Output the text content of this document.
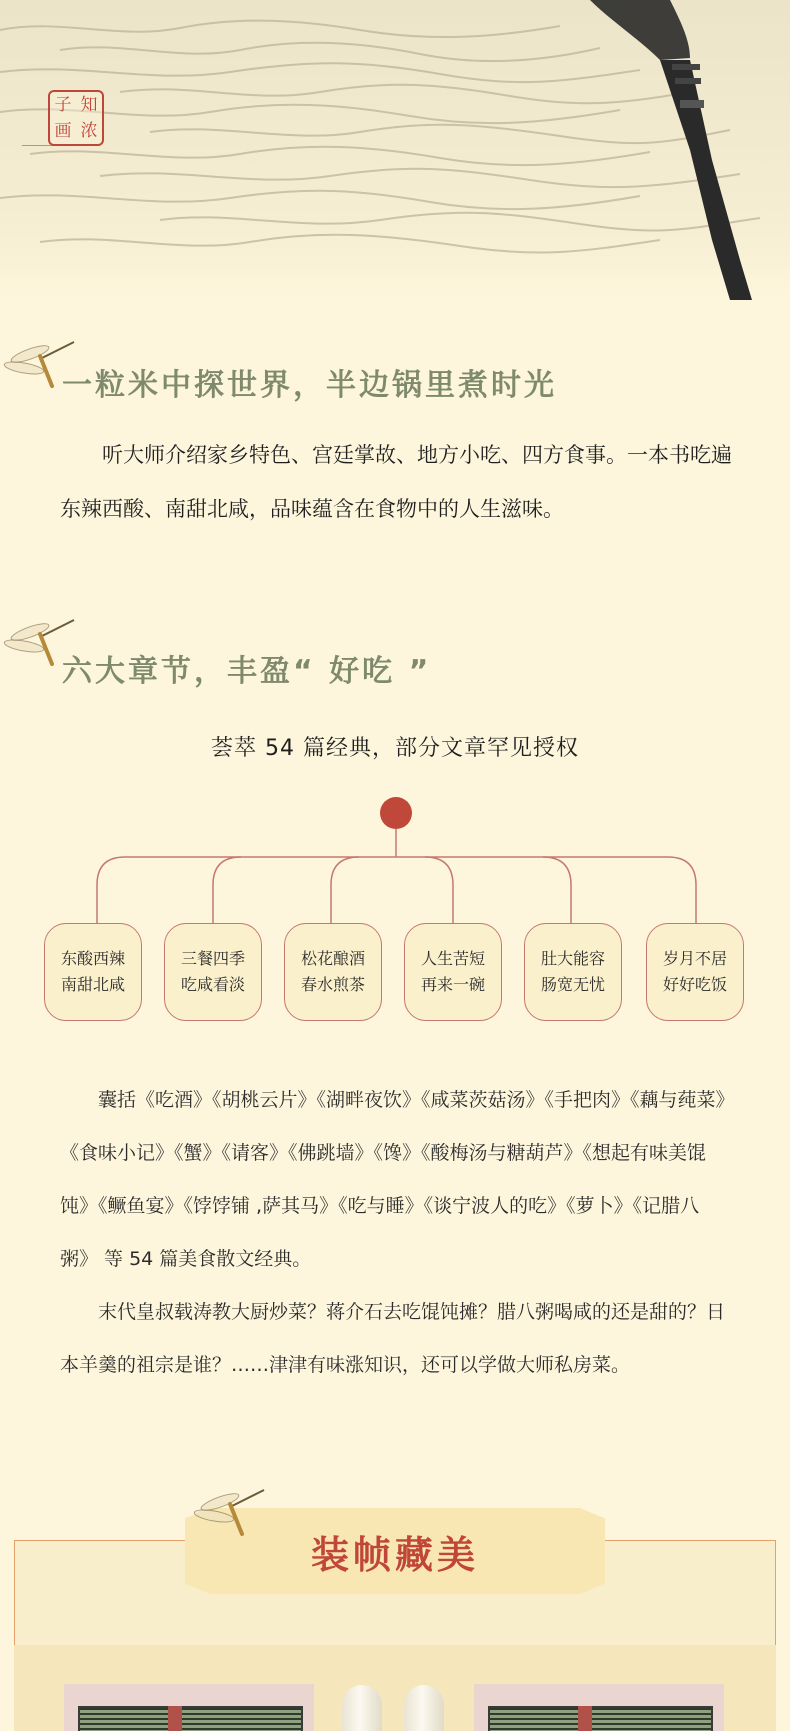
子 知
画 浓
一粒米中探世界，半边锅里煮时光

听大师介绍家乡特色、宫廷掌故、地方小吃、四方食事。一本书吃遍东辣西酸、南甜北咸，品味蕴含在食物中的人生滋味。

六大章节，丰盈“ 好吃 ”

荟萃 54 篇经典，部分文章罕见授权

东酸西辣
南甜北咸
三餐四季
吃咸看淡
松花酿酒
春水煎茶
人生苦短
再来一碗
肚大能容
肠宽无忧
岁月不居
好好吃饭

囊括《吃酒》《胡桃云片》《湖畔夜饮》《咸菜茨菇汤》《手把肉》《藕与莼菜》《食味小记》《蟹》《请客》《佛跳墙》《馋》《酸梅汤与糖葫芦》《想起有味美馄饨》《鳜鱼宴》《饽饽铺 ,萨其马》《吃与睡》《谈宁波人的吃》《萝卜》《记腊八粥》 等 54 篇美食散文经典。

末代皇叔载涛教大厨炒菜？蒋介石去吃馄饨摊？腊八粥喝咸的还是甜的？日本羊羹的祖宗是谁？……津津有味涨知识，还可以学做大师私房菜。

装帧藏美
